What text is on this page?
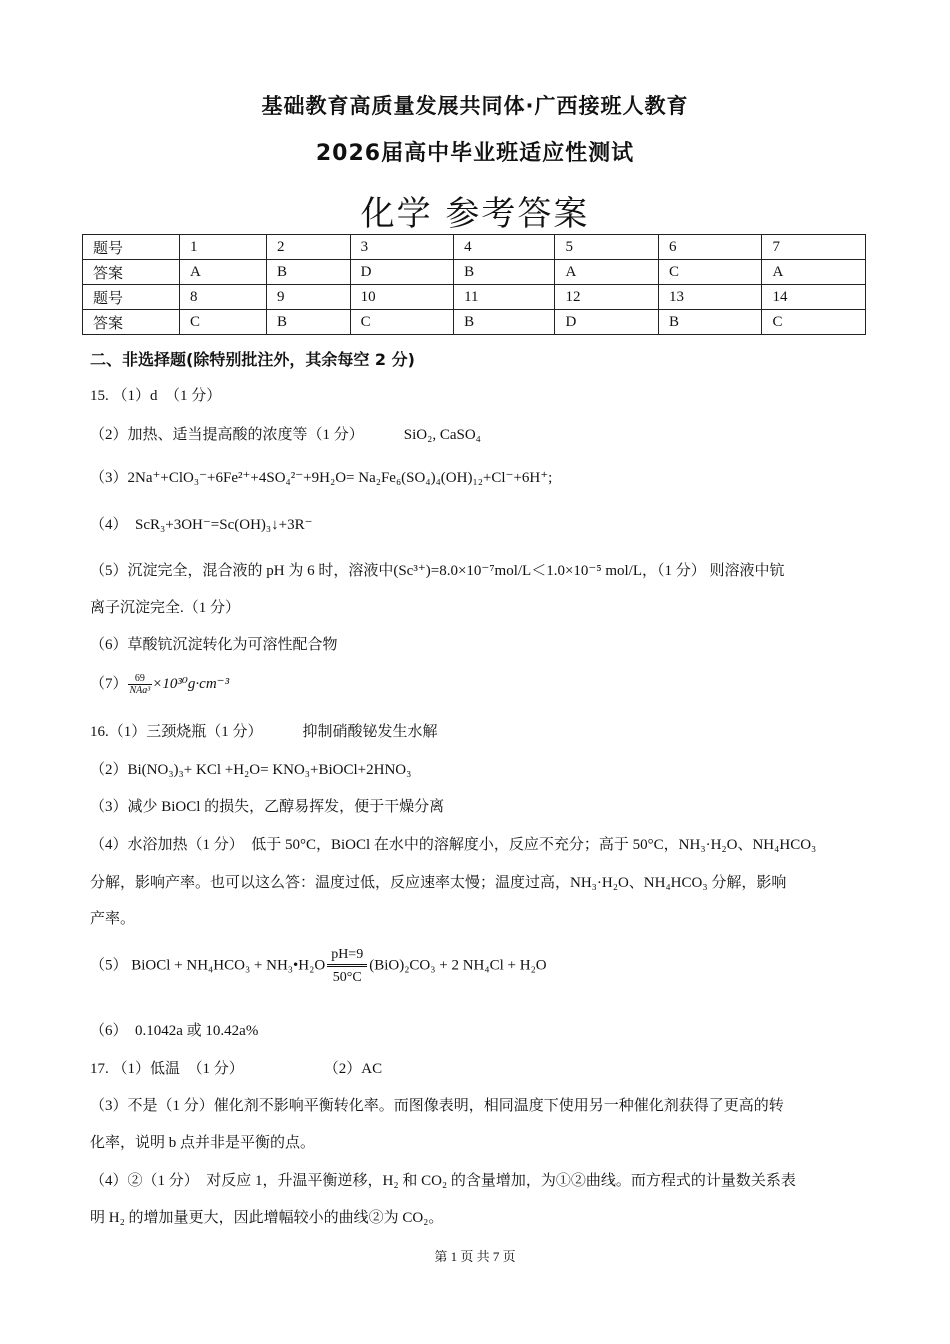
基础教育高质量发展共同体·广西接班人教育
2026届高中毕业班适应性测试
化学 参考答案
题号	1	2	3	4	5	6	7
答案	A	B	D	B	A	C	A
题号	8	9	10	11	12	13	14
答案	C	B	C	B	D	B	C
二、非选择题(除特别批注外，其余每空 2 分)
15. （1）d　（1 分）
（2）加热、适当提高酸的浓度等（1 分）	SiO₂, CaSO₄
（3）2Na⁺+ClO₃⁻+6Fe²⁺+4SO₄²⁻+9H₂O= Na₂Fe₆(SO₄)₄(OH)₁₂+Cl⁻+6H⁺;
（4）　ScR₃+3OH⁻=Sc(OH)₃↓+3R⁻
（5）沉淀完全，混合液的 pH 为 6 时，溶液中(Sc³⁺)=8.0×10⁻⁷mol/L＜1.0×10⁻⁵ mol/L，（1 分） 则溶液中钪
离子沉淀完全.（1 分）
（6）草酸钪沉淀转化为可溶性配合物
$(7) \frac{69}{\text{NAa³}} \times 10^{30}g\cdot cm^{-3}$
16.（1）三颈烧瓶（1 分）	抑制硝酸铋发生水解
（2）Bi(NO₃)₃+ KCl +H₂O= KNO₃+BiOCl+2HNO₃
（3）减少 BiOCl 的损失，乙醇易挥发，便于干燥分离
（4）水浴加热（1 分）　低于 50°C，BiOCl 在水中的溶解度小，反应不充分；高于 50°C，NH₃·H₂O、NH₄HCO₃
分解，影响产率。也可以这么答：温度过低，反应速率太慢；温度过高，NH₃·H₂O、NH₄HCO₃ 分解，影响
产率。
（5） BiOCl + NH₄HCO₃ + NH₃•H₂O $\frac{pH=9}{50^\circ C} (BiO)_2CO_3 + 2$ NH₄Cl + H₂O
（6）　0.1042a 或 10.42a%
17. （1）低温　（1 分）	（2）AC
（3）不是（1 分）催化剂不影响平衡转化率。而图像表明，相同温度下使用另一种催化剂获得了更高的转
化率，说明 b 点并非是平衡的点。
（4）②（1 分）　对反应 1，升温平衡逆移，H₂ 和 CO₂ 的含量增加，为①②曲线。而方程式的计量数关系表
明 H₂ 的增加量更大，因此增幅较小的曲线②为 CO₂。
第 1 页 共 7 页
